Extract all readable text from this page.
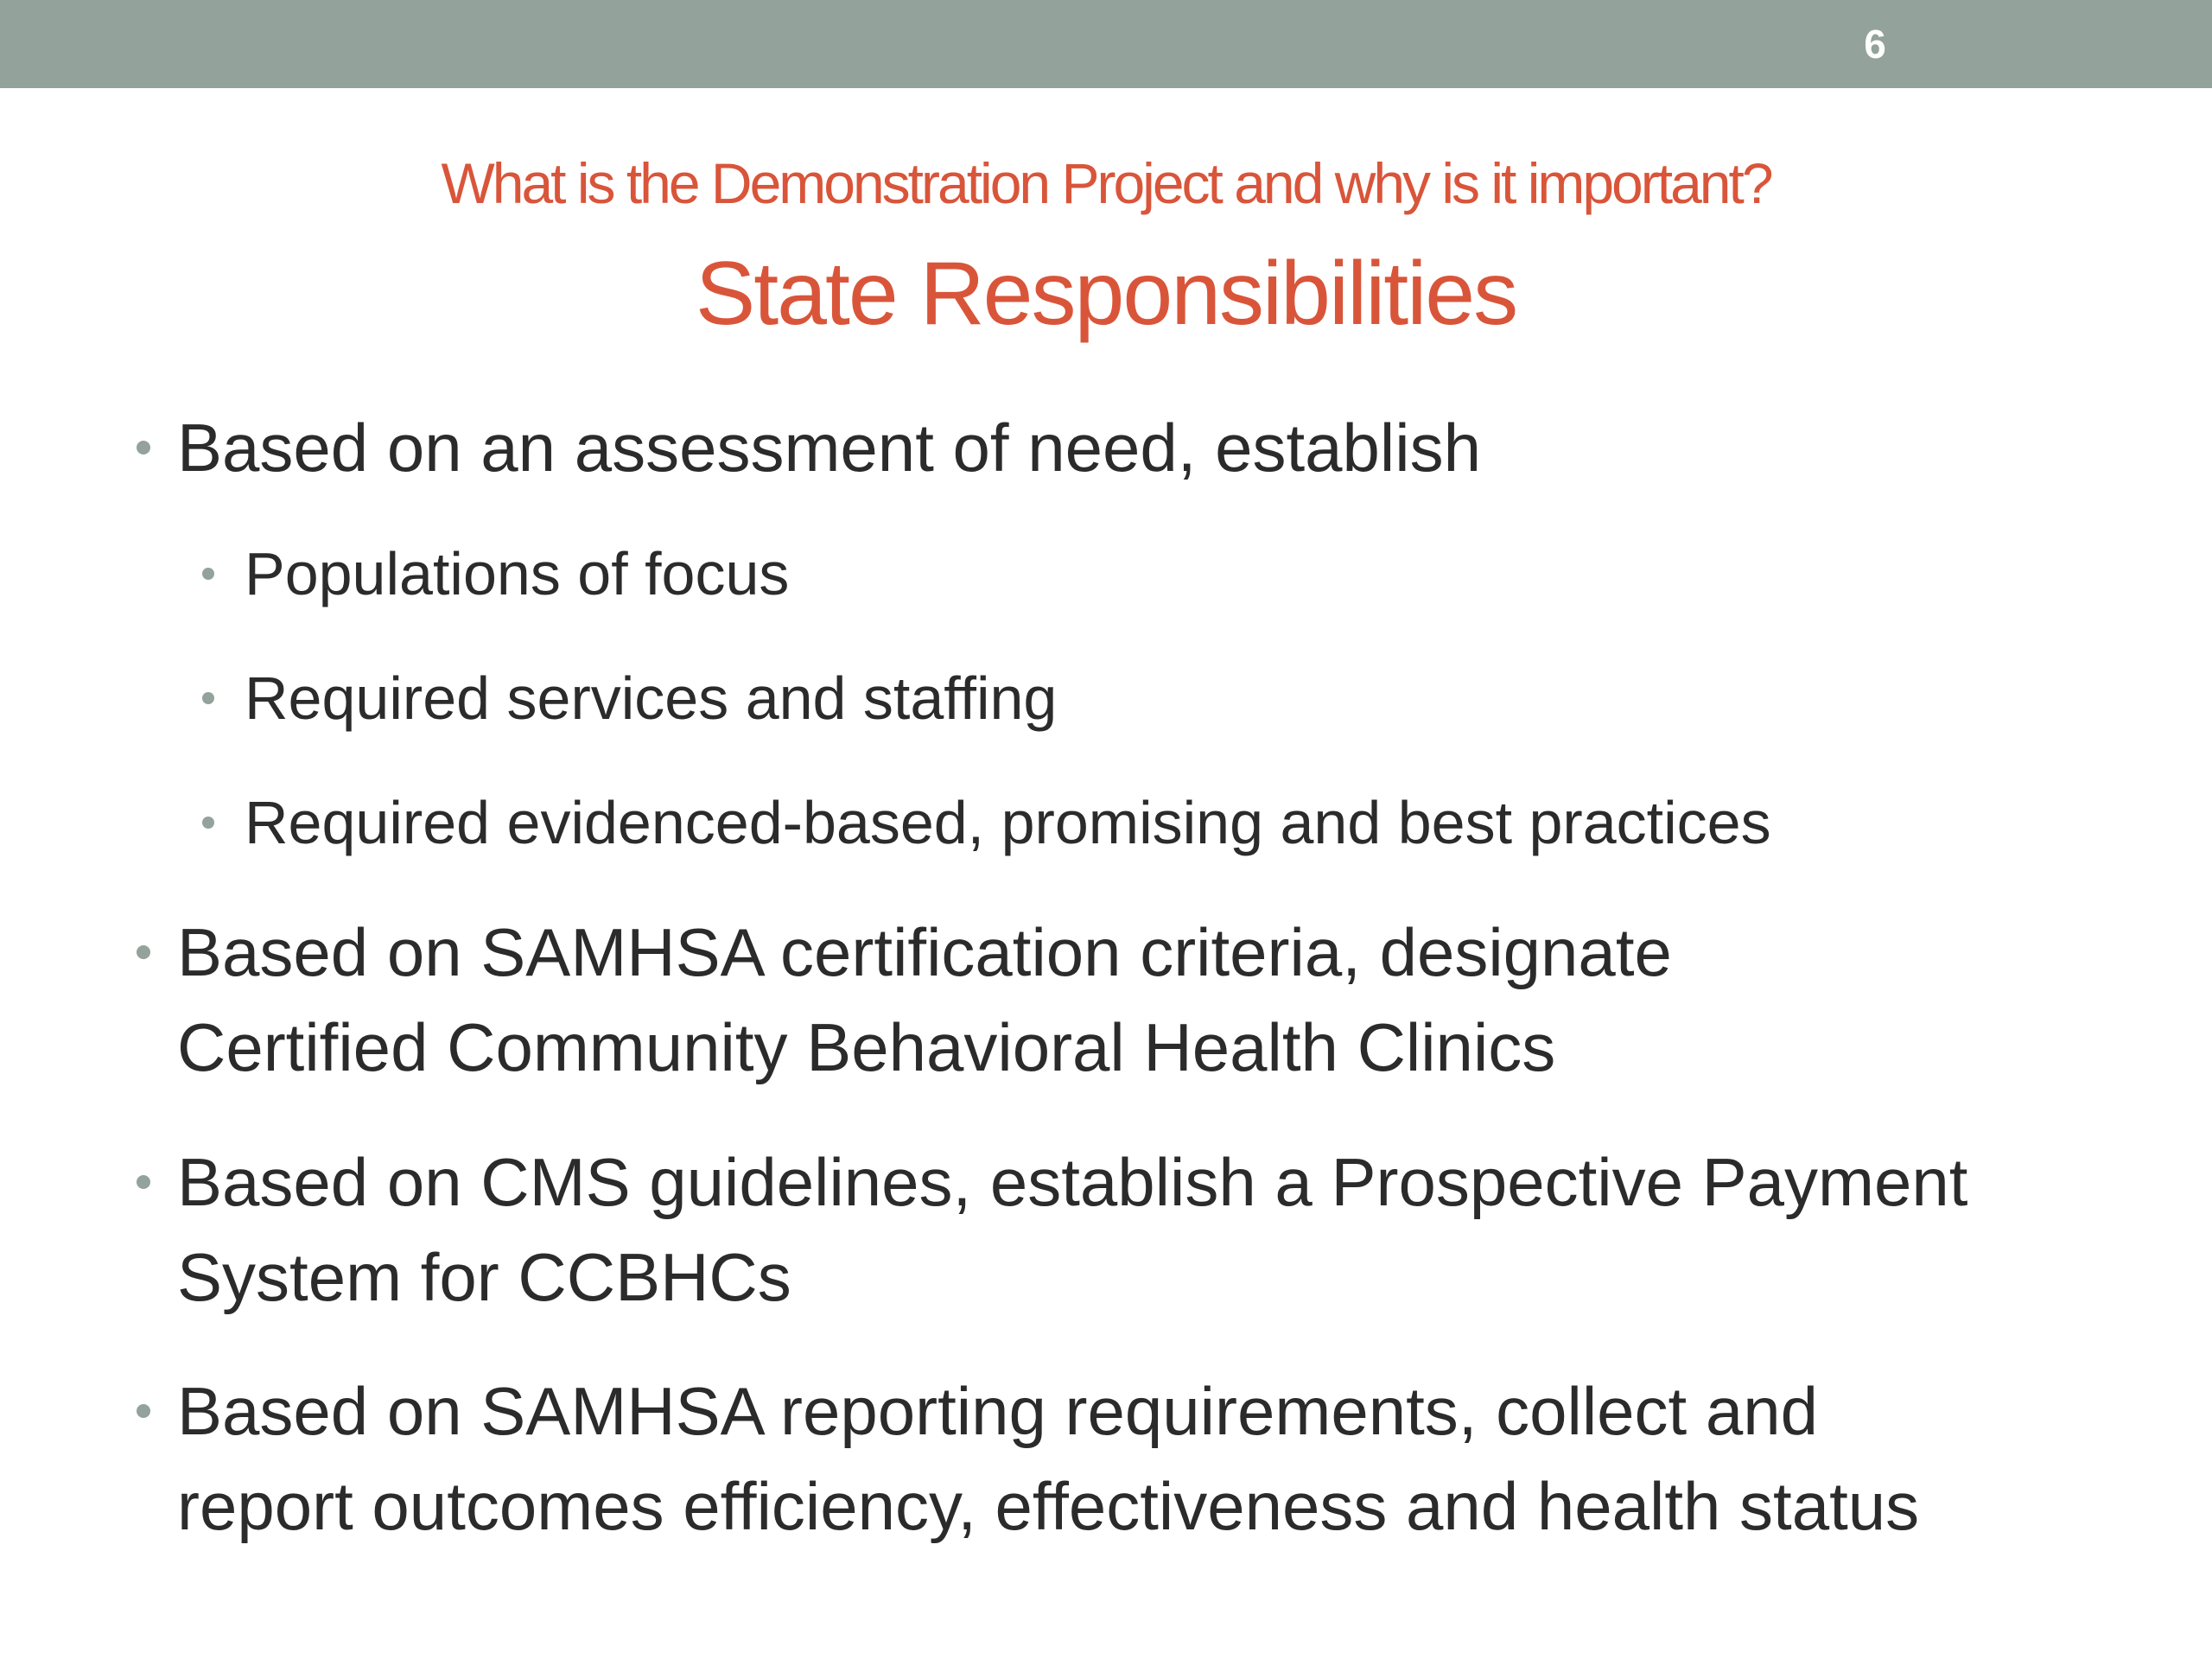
6
What is the Demonstration Project and why is it important?
State Responsibilities
Based on an assessment of need, establish
Populations of focus
Required services and staffing
Required evidenced-based, promising and best practices
Based on SAMHSA certification criteria, designate
Certified Community Behavioral Health Clinics
Based on CMS guidelines, establish a Prospective Payment
System for CCBHCs
Based on SAMHSA reporting requirements, collect and
report outcomes efficiency, effectiveness and health status
